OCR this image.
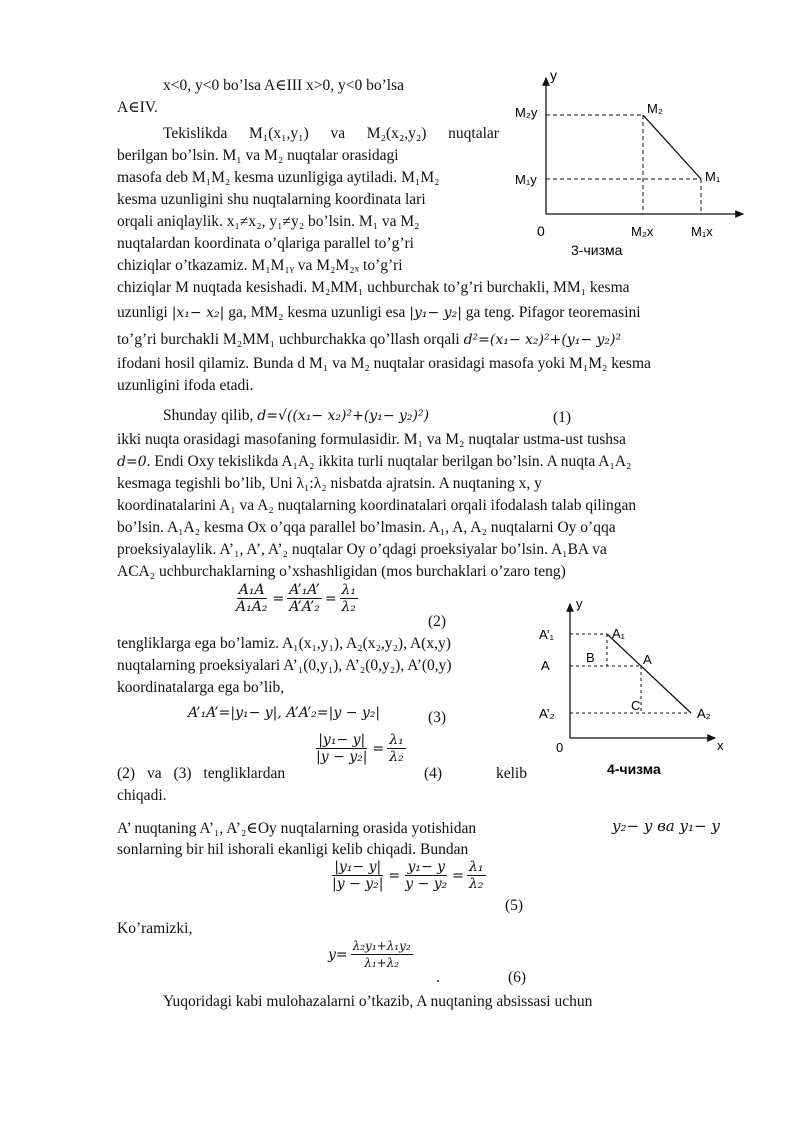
x<0, y<0 bo’lsa A∈III x>0, y<0 bo’lsa
A∈IV.
Tekislikda M₁(x₁,y₁) va M₂(x₂,y₂) nuqtalar
berilgan bo’lsin. M₁ va M₂ nuqtalar orasidagi
masofa deb M₁M₂ kesma uzunligiga aytiladi. M₁M₂
kesma uzunligini shu nuqtalarning koordinata lari
orqali aniqlaylik. x₁≠x₂, y₁≠y₂ bo’lsin. M₁ va M₂
nuqtalardan koordinata o’qlariga parallel to’g’ri
chiziqlar o’tkazamiz. M₁M₁ᵧ va M₂M₂ₓ to’g’ri
chiziqlar M nuqtada kesishadi. M₂MM₁ uchburchak to’g’ri burchakli, MM₁ kesma
uzunligi |x₁− x₂| ga, MM₂ kesma uzunligi esa |y₁− y₂| ga teng. Pifagor teoremasini
to’g’ri burchakli M₂MM₁ uchburchakka qo’llash orqali d²=(x₁− x₂)²+(y₁− y₂)²
ifodani hosil qilamiz. Bunda d M₁ va M₂ nuqtalar orasidagi masofa yoki M₁M₂ kesma
uzunligini ifoda etadi.
Shunday qilib, d=√((x₁− x₂)²+(y₁− y₂)²)	(1)
ikki nuqta orasidagi masofaning formulasidir. M₁ va M₂ nuqtalar ustma-ust tushsa
d=0. Endi Oxy tekislikda A₁A₂ ikkita turli nuqtalar berilgan bo’lsin. A nuqta A₁A₂
kesmaga tegishli bo’lib, Uni λ₁:λ₂ nisbatda ajratsin. A nuqtaning x, y
koordinatalarini A₁ va A₂ nuqtalarning koordinatalari orqali ifodalash talab qilingan
bo’lsin. A₁A₂ kesma Ox o’qqa parallel bo’lmasin. A₁, A, A₂ nuqtalarni Oy o’qqa
proeksiyalaylik. A’₁, A’, A’₂ nuqtalar Oy o’qdagi proeksiyalar bo’lsin. A₁BA va
ACA₂ uchburchaklarning o’xshashligidan (mos burchaklari o’zaro teng)
$\frac{\text{A₁A}}{\text{A₁A₂}} = \frac{\text{A’₁A’}}{\text{A’A’₂}} = \frac{\text{λ₁}}{\text{λ₂}}$
(2)
tengliklarga ega bo’lamiz. A₁(x₁,y₁), A₂(x₂,y₂), A(x,y)
nuqtalarning proeksiyalari A’₁(0,y₁), A’₂(0,y₂), A’(0,y)
koordinatalarga ega bo’lib,
A’₁A’=|y₁− y|, A’A’₂=|y − y₂|	(3)
$\frac{\text{|y₁− y|}}{\text{|y − y₂|}} = \frac{\text{λ₁}}{\text{λ₂}}$
(2) va (3) tengliklardan	(4)	kelib
chiqadi.
A’ nuqtaning A’₁, A’₂∈Oy nuqtalarning orasida yotishidan	y₂− y ва y₁− y
sonlarning bir hil ishorali ekanligi kelib chiqadi. Bundan
$\frac{\text{|y₁− y|}}{\text{|y − y₂|}} = \frac{\text{y₁− y}}{\text{y − y₂}} = \frac{\text{λ₁}}{\text{λ₂}}$
(5)
Ko’ramizki,
$y= \frac{\text{λ₂y₁+λ₁y₂}}{\text{λ₁+λ₂}}$
.	(6)
Yuqoridagi kabi mulohazalarni o’tkazib, A nuqtaning absissasi uchun
y
0
M₂y
M₁y
M₂
M₁
M₂x	M₁x
3-чизма
y
x
0
A’₁
A
A’₂
A₁
A
A₂
B
C
4-чизма
